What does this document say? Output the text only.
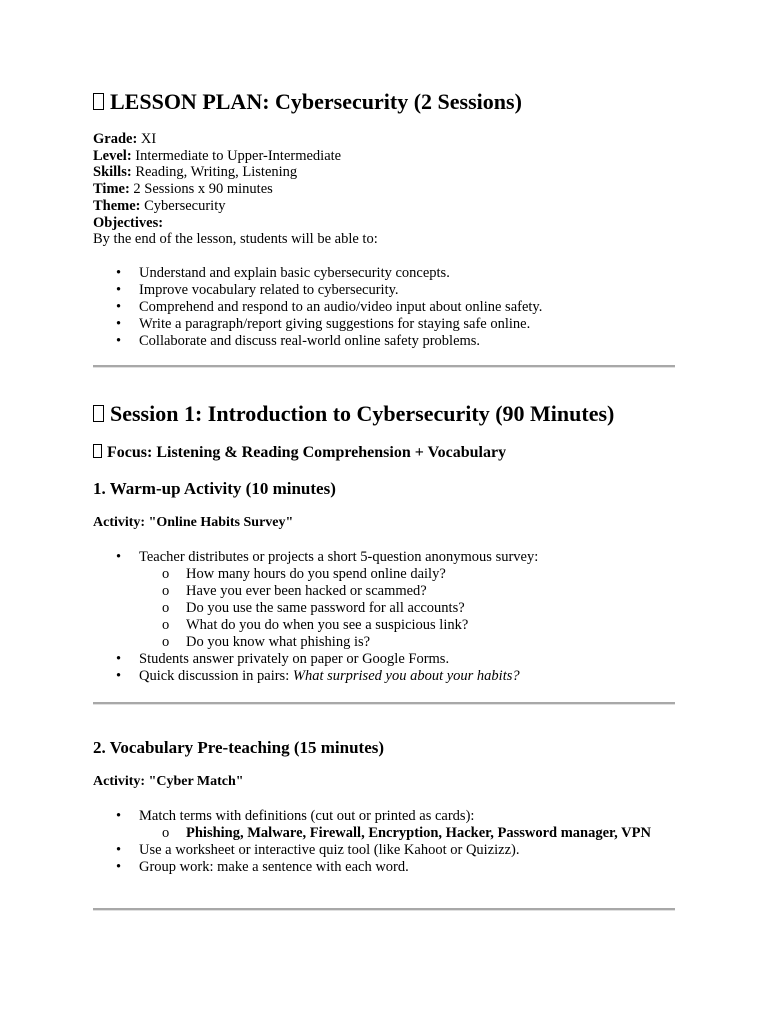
LESSON PLAN: Cybersecurity (2 Sessions)
Grade: XI
Level: Intermediate to Upper-Intermediate
Skills: Reading, Writing, Listening
Time: 2 Sessions x 90 minutes
Theme: Cybersecurity
Objectives:
By the end of the lesson, students will be able to:
• Understand and explain basic cybersecurity concepts.
• Improve vocabulary related to cybersecurity.
• Comprehend and respond to an audio/video input about online safety.
• Write a paragraph/report giving suggestions for staying safe online.
• Collaborate and discuss real-world online safety problems.
Session 1: Introduction to Cybersecurity (90 Minutes)
Focus: Listening & Reading Comprehension + Vocabulary
1. Warm-up Activity (10 minutes)
Activity: "Online Habits Survey"
• Teacher distributes or projects a short 5-question anonymous survey:
o How many hours do you spend online daily?
o Have you ever been hacked or scammed?
o Do you use the same password for all accounts?
o What do you do when you see a suspicious link?
o Do you know what phishing is?
• Students answer privately on paper or Google Forms.
• Quick discussion in pairs: What surprised you about your habits?
2. Vocabulary Pre-teaching (15 minutes)
Activity: "Cyber Match"
• Match terms with definitions (cut out or printed as cards):
o Phishing, Malware, Firewall, Encryption, Hacker, Password manager, VPN
• Use a worksheet or interactive quiz tool (like Kahoot or Quizizz).
• Group work: make a sentence with each word.
